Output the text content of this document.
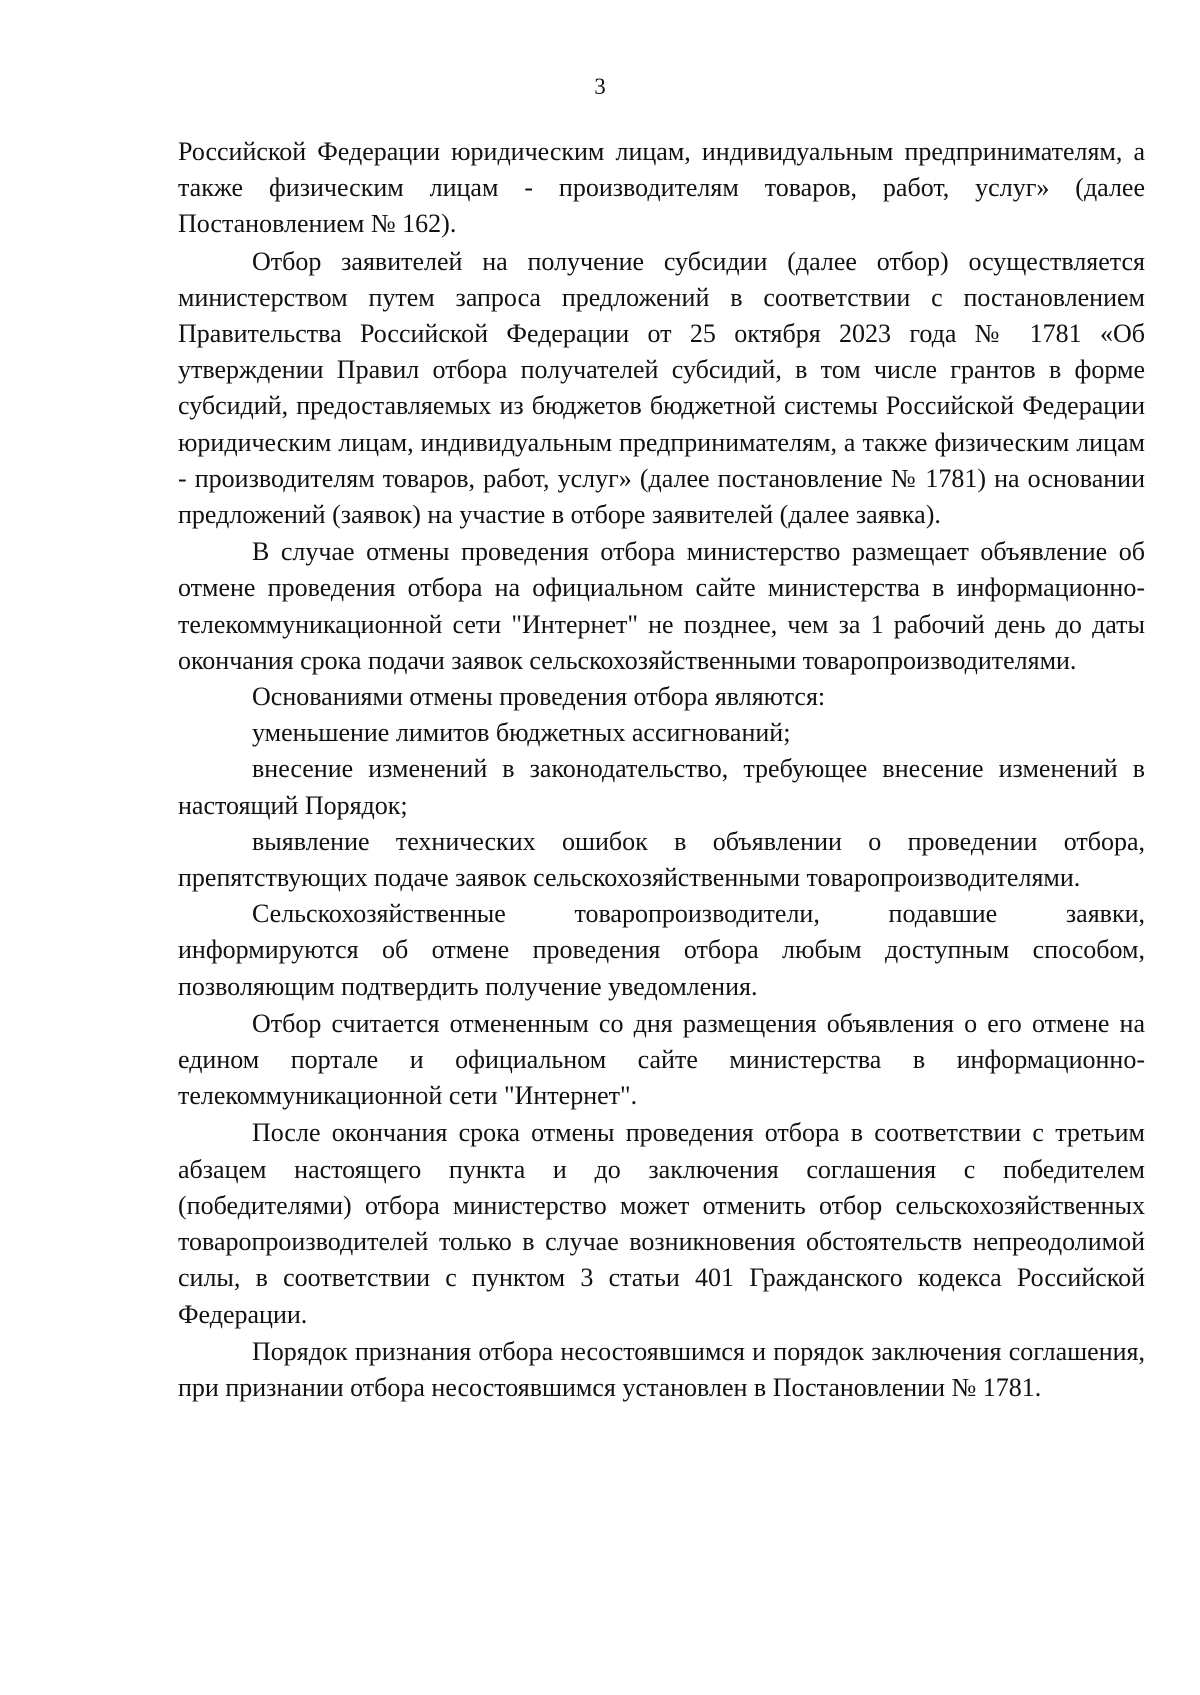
3

Российской Федерации юридическим лицам, индивидуальным предпринимателям, а также физическим лицам - производителям товаров, работ, услуг» (далее Постановлением № 162).

Отбор заявителей на получение субсидии (далее отбор) осуществляется министерством путем запроса предложений в соответствии с постановлением Правительства Российской Федерации от 25 октября 2023 года № 1781 «Об утверждении Правил отбора получателей субсидий, в том числе грантов в форме субсидий, предоставляемых из бюджетов бюджетной системы Российской Федерации юридическим лицам, индивидуальным предпринимателям, а также физическим лицам - производителям товаров, работ, услуг» (далее постановление № 1781) на основании предложений (заявок) на участие в отборе заявителей (далее заявка).

В случае отмены проведения отбора министерство размещает объявление об отмене проведения отбора на официальном сайте министерства в информационно-телекоммуникационной сети "Интернет" не позднее, чем за 1 рабочий день до даты окончания срока подачи заявок сельскохозяйственными товаропроизводителями.

Основаниями отмены проведения отбора являются:

уменьшение лимитов бюджетных ассигнований;

внесение изменений в законодательство, требующее внесение изменений в настоящий Порядок;

выявление технических ошибок в объявлении о проведении отбора, препятствующих подаче заявок сельскохозяйственными товаропроизводителями.

Сельскохозяйственные товаропроизводители, подавшие заявки, информируются об отмене проведения отбора любым доступным способом, позволяющим подтвердить получение уведомления.

Отбор считается отмененным со дня размещения объявления о его отмене на едином портале и официальном сайте министерства в информационно-телекоммуникационной сети "Интернет".

После окончания срока отмены проведения отбора в соответствии с третьим абзацем настоящего пункта и до заключения соглашения с победителем (победителями) отбора министерство может отменить отбор сельскохозяйственных товаропроизводителей только в случае возникновения обстоятельств непреодолимой силы, в соответствии с пунктом 3 статьи 401 Гражданского кодекса Российской Федерации.

Порядок признания отбора несостоявшимся и порядок заключения соглашения, при признании отбора несостоявшимся установлен в Постановлении № 1781.
